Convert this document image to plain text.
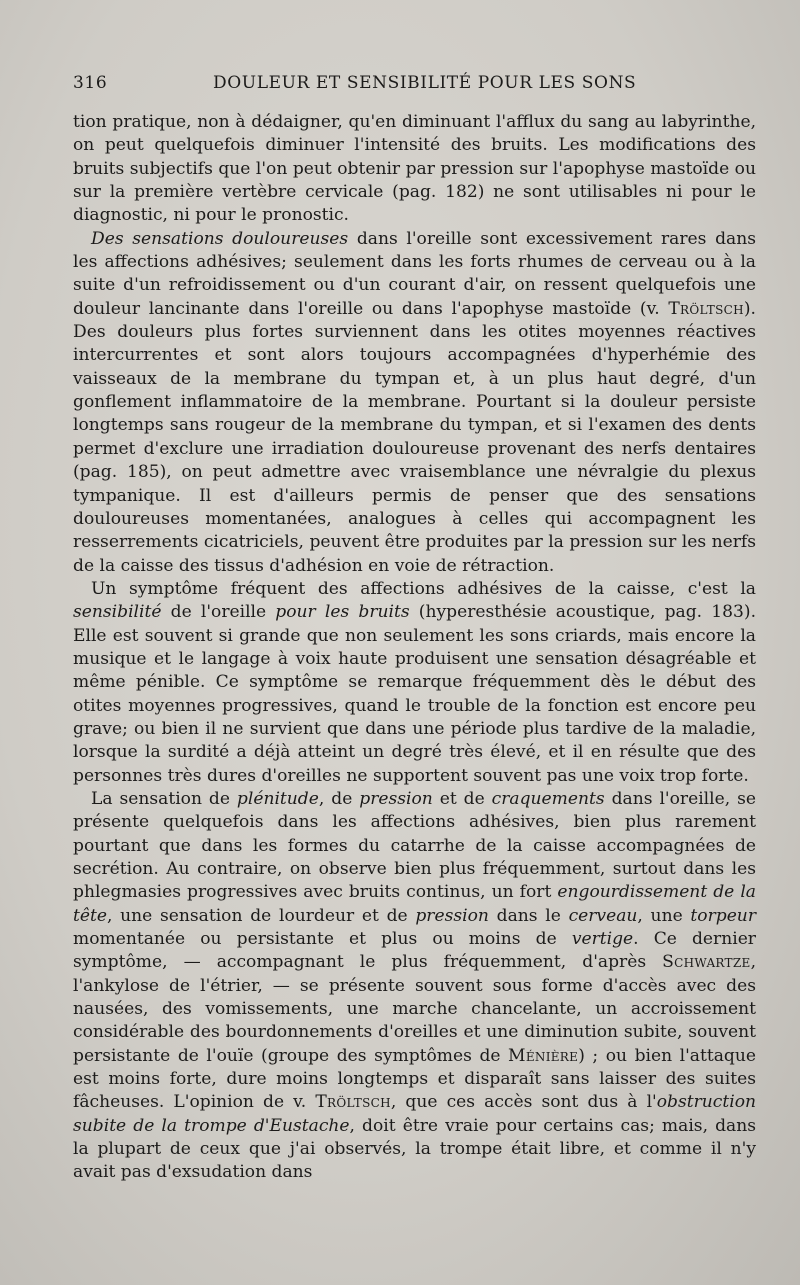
316	DOULEUR ET SENSIBILITÉ POUR LES SONS

tion pratique, non à dédaigner, qu'en diminuant l'afflux du sang au labyrinthe, on peut quelquefois diminuer l'intensité des bruits. Les modifications des bruits subjectifs que l'on peut obtenir par pression sur l'apophyse mastoïde ou sur la première vertèbre cervicale (pag. 182) ne sont utilisables ni pour le diagnostic, ni pour le pronostic.

Des sensations douloureuses dans l'oreille sont excessivement rares dans les affections adhésives; seulement dans les forts rhumes de cerveau ou à la suite d'un refroidissement ou d'un courant d'air, on ressent quelquefois une douleur lancinante dans l'oreille ou dans l'apophyse mastoïde (v. Tröltsch). Des douleurs plus fortes surviennent dans les otites moyennes réactives intercurrentes et sont alors toujours accompagnées d'hyperhémie des vaisseaux de la membrane du tympan et, à un plus haut degré, d'un gonflement inflammatoire de la membrane. Pourtant si la douleur persiste longtemps sans rougeur de la membrane du tympan, et si l'examen des dents permet d'exclure une irradiation douloureuse provenant des nerfs dentaires (pag. 185), on peut admettre avec vraisemblance une névralgie du plexus tympanique. Il est d'ailleurs permis de penser que des sensations douloureuses momentanées, analogues à celles qui accompagnent les resserrements cicatriciels, peuvent être produites par la pression sur les nerfs de la caisse des tissus d'adhésion en voie de rétraction.

Un symptôme fréquent des affections adhésives de la caisse, c'est la sensibilité de l'oreille pour les bruits (hyperesthésie acoustique, pag. 183). Elle est souvent si grande que non seulement les sons criards, mais encore la musique et le langage à voix haute produisent une sensation désagréable et même pénible. Ce symptôme se remarque fréquemment dès le début des otites moyennes progressives, quand le trouble de la fonction est encore peu grave; ou bien il ne survient que dans une période plus tardive de la maladie, lorsque la surdité a déjà atteint un degré très élevé, et il en résulte que des personnes très dures d'oreilles ne supportent souvent pas une voix trop forte.

La sensation de plénitude, de pression et de craquements dans l'oreille, se présente quelquefois dans les affections adhésives, bien plus rarement pourtant que dans les formes du catarrhe de la caisse accompagnées de secrétion. Au contraire, on observe bien plus fréquemment, surtout dans les phlegmasies progressives avec bruits continus, un fort engourdissement de la tête, une sensation de lourdeur et de pression dans le cerveau, une torpeur momentanée ou persistante et plus ou moins de vertige. Ce dernier symptôme, — accompagnant le plus fréquemment, d'après Schwartze, l'ankylose de l'étrier, — se présente souvent sous forme d'accès avec des nausées, des vomissements, une marche chancelante, un accroissement considérable des bourdonnements d'oreilles et une diminution subite, souvent persistante de l'ouïe (groupe des symptômes de Ménière) ; ou bien l'attaque est moins forte, dure moins longtemps et disparaît sans laisser des suites fâcheuses. L'opinion de v. Tröltsch, que ces accès sont dus à l'obstruction subite de la trompe d'Eustache, doit être vraie pour certains cas; mais, dans la plupart de ceux que j'ai observés, la trompe était libre, et comme il n'y avait pas d'exsudation dans
